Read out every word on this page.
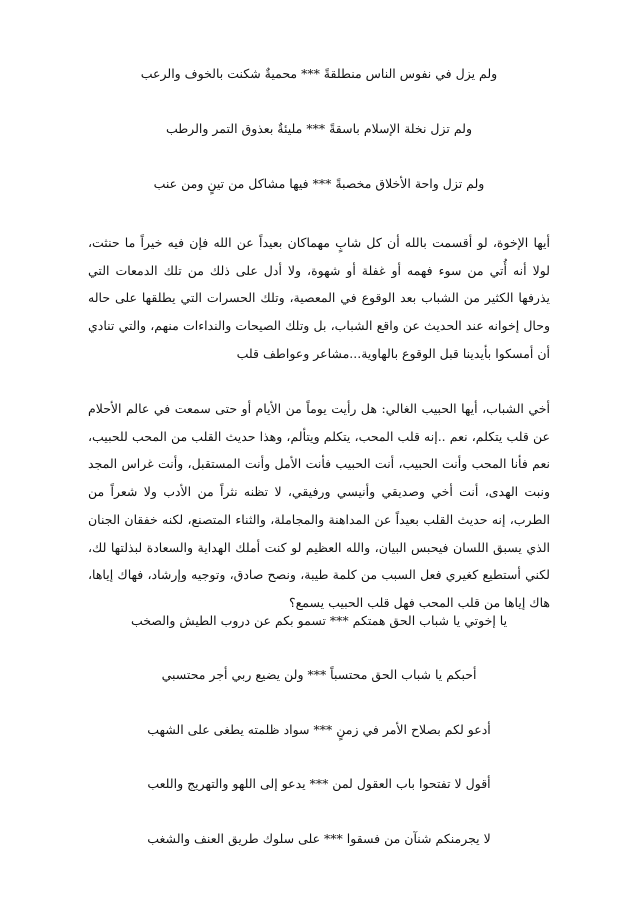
ولم يزل في نفوس الناس منطلقةً *** محميةٌ شكنت بالخوف والرعب
ولم تزل نخلة الإسلام باسقةً *** مليئةٌ بعذوق التمر والرطب
ولم تزل واحة الأخلاق مخصبةً *** فيها مشاكل من تينٍ ومن عنب

أيها الإخوة، لو أقسمت بالله أن كل شابٍ مهماكان بعيداً عن الله فإن فيه خيراً ما حنثت، لولا أنه أُتي من سوء فهمه أو غفلة أو شهوة، ولا أدل على ذلك من تلك الدمعات التي يذرفها الكثير من الشباب بعد الوقوع في المعصية، وتلك الحسرات التي يطلقها على حاله وحال إخوانه عند الحديث عن واقع الشباب، بل وتلك الصيحات والنداءات منهم، والتي تنادي أن أمسكوا بأيدينا قبل الوقوع بالهاوية...مشاعر وعواطف قلب

أخي الشباب، أيها الحبيب الغالي: هل رأيت يوماً من الأيام أو حتى سمعت في عالم الأحلام عن قلب يتكلم، نعم ..إنه قلب المحب، يتكلم ويتألم، وهذا حديث القلب من المحب للحبيب، نعم فأنا المحب وأنت الحبيب، أنت الحبيب فأنت الأمل وأنت المستقبل، وأنت غراس المجد ونبت الهدى، أنت أخي وصديقي وأنيسي ورفيقي، لا تظنه نثراً من الأدب ولا شعراً من الطرب، إنه حديث القلب بعيداً عن المداهنة والمجاملة، والثناء المتصنع، لكنه خفقان الجنان الذي يسبق اللسان فيحبس البيان، والله العظيم لو كنت أملك الهداية والسعادة لبذلتها لك، لكني أستطيع كغيري فعل السبب من كلمة طيبة، ونصح صادق، وتوجيه وإرشاد، فهاك إياها، هاك إياها من قلب المحب فهل قلب الحبيب يسمع؟

يا إخوتي يا شباب الحق همتكم *** تسمو بكم عن دروب الطيش والصخب
أحبكم يا شباب الحق محتسباً *** ولن يضيع ربي أجر محتسبي
أدعو لكم بصلاح الأمر في زمنٍ *** سواد ظلمته يطغى على الشهب
أقول لا تفتحوا باب العقول لمن *** يدعو إلى اللهو والتهريج واللعب
لا يجرمنكم شنآن من فسقوا *** على سلوك طريق العنف والشغب
